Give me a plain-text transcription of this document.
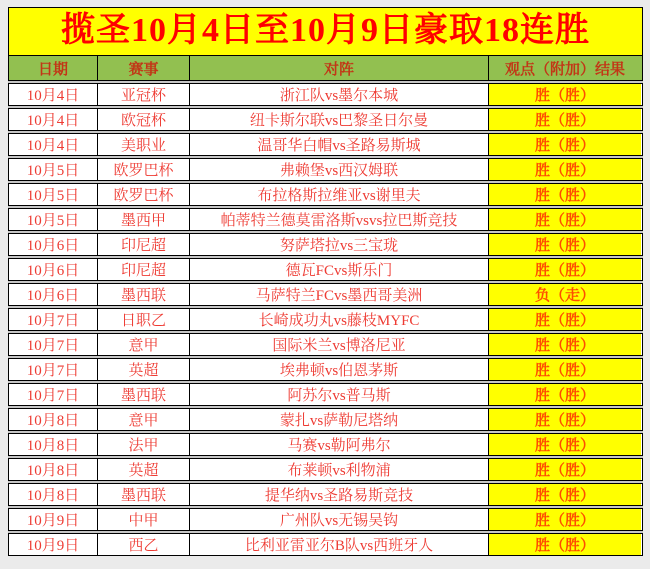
揽圣10月4日至10月9日豪取18连胜
日期	赛事	对阵	观点（附加）结果
10月4日	亚冠杯	浙江队vs墨尔本城	胜（胜）
10月4日	欧冠杯	纽卡斯尔联vs巴黎圣日尔曼	胜（胜）
10月4日	美职业	温哥华白帽vs圣路易斯城	胜（胜）
10月5日	欧罗巴杯	弗赖堡vs西汉姆联	胜（胜）
10月5日	欧罗巴杯	布拉格斯拉维亚vs谢里夫	胜（胜）
10月5日	墨西甲	帕蒂特兰德莫雷洛斯vsvs拉巴斯竞技	胜（胜）
10月6日	印尼超	努萨塔拉vs三宝珑	胜（胜）
10月6日	印尼超	德瓦FCvs斯乐门	胜（胜）
10月6日	墨西联	马萨特兰FCvs墨西哥美洲	负（走）
10月7日	日职乙	长崎成功丸vs藤枝MYFC	胜（胜）
10月7日	意甲	国际米兰vs博洛尼亚	胜（胜）
10月7日	英超	埃弗顿vs伯恩茅斯	胜（胜）
10月7日	墨西联	阿苏尔vs普马斯	胜（胜）
10月8日	意甲	蒙扎vs萨勒尼塔纳	胜（胜）
10月8日	法甲	马赛vs勒阿弗尔	胜（胜）
10月8日	英超	布莱顿vs利物浦	胜（胜）
10月8日	墨西联	提华纳vs圣路易斯竞技	胜（胜）
10月9日	中甲	广州队vs无锡吴钩	胜（胜）
10月9日	西乙	比利亚雷亚尔B队vs西班牙人	胜（胜）
